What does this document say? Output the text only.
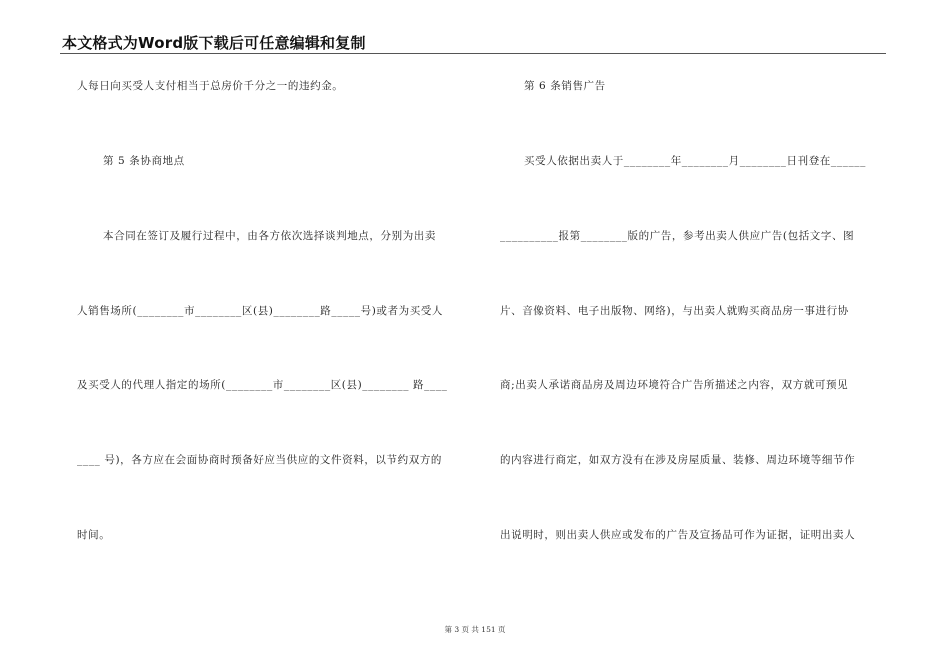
本文格式为Word版下载后可任意编辑和复制
人每日向买受人支付相当于总房价千分之一的违约金。
第 5 条协商地点
本合同在签订及履行过程中，由各方依次选择谈判地点，分别为出卖
人销售场所(________市________区(县)________路_____号)或者为买受人
及买受人的代理人指定的场所(________市________区(县)________ 路____
____ 号)，各方应在会面协商时预备好应当供应的文件资料，以节约双方的
时间。
第 6 条销售广告
买受人依据出卖人于________年________月________日刊登在______
__________报第________版的广告，参考出卖人供应广告(包括文字、图
片、音像资料、电子出版物、网络)，与出卖人就购买商品房一事进行协
商;出卖人承诺商品房及周边环境符合广告所描述之内容，双方就可预见
的内容进行商定，如双方没有在涉及房屋质量、装修、周边环境等细节作
出说明时，则出卖人供应或发布的广告及宣扬品可作为证据，证明出卖人
第 3 页 共 151 页
